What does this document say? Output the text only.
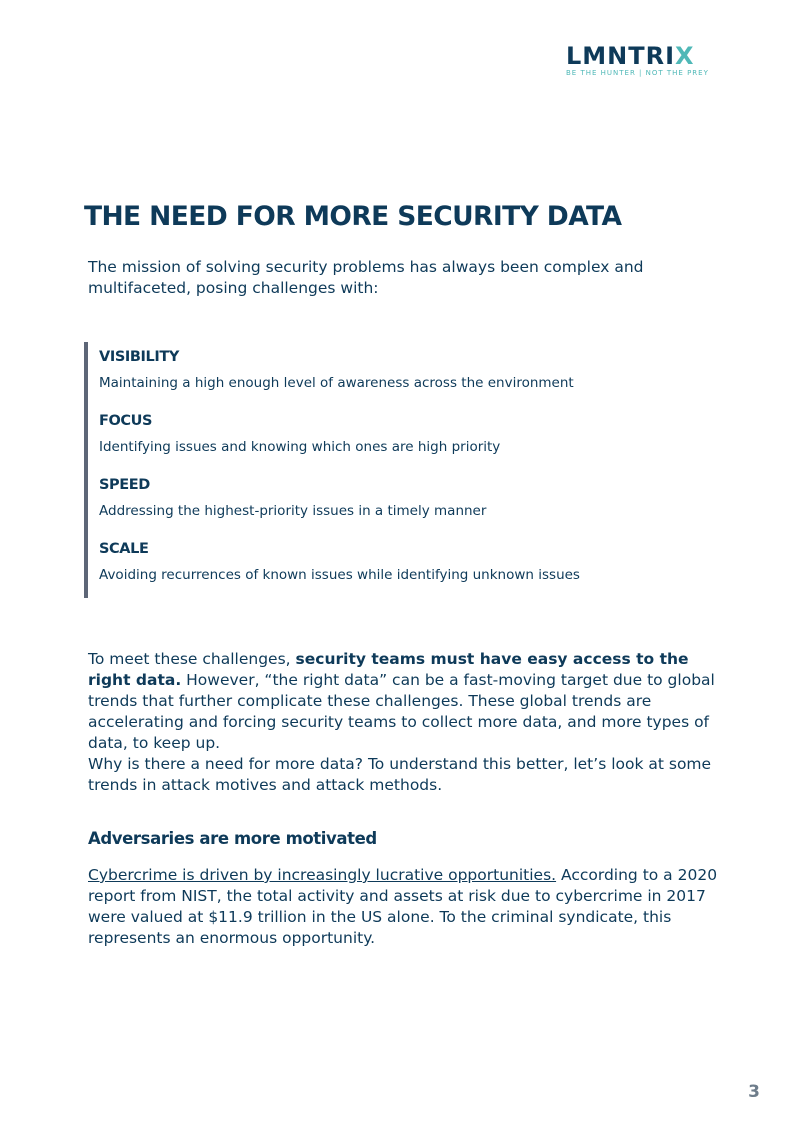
LMNTRIX
BE THE HUNTER | NOT THE PREY
THE NEED FOR MORE SECURITY DATA

The mission of solving security problems has always been complex and multifaceted, posing challenges with:

VISIBILITY
Maintaining a high enough level of awareness across the environment
FOCUS
Identifying issues and knowing which ones are high priority
SPEED
Addressing the highest-priority issues in a timely manner
SCALE
Avoiding recurrences of known issues while identifying unknown issues

To meet these challenges, security teams must have easy access to the right data. However, “the right data” can be a fast-moving target due to global trends that further complicate these challenges. These global trends are accelerating and forcing security teams to collect more data, and more types of data, to keep up.

Why is there a need for more data? To understand this better, let’s look at some trends in attack motives and attack methods.

Adversaries are more motivated

Cybercrime is driven by increasingly lucrative opportunities. According to a 2020 report from NIST, the total activity and assets at risk due to cybercrime in 2017 were valued at $11.9 trillion in the US alone. To the criminal syndicate, this represents an enormous opportunity.

3
